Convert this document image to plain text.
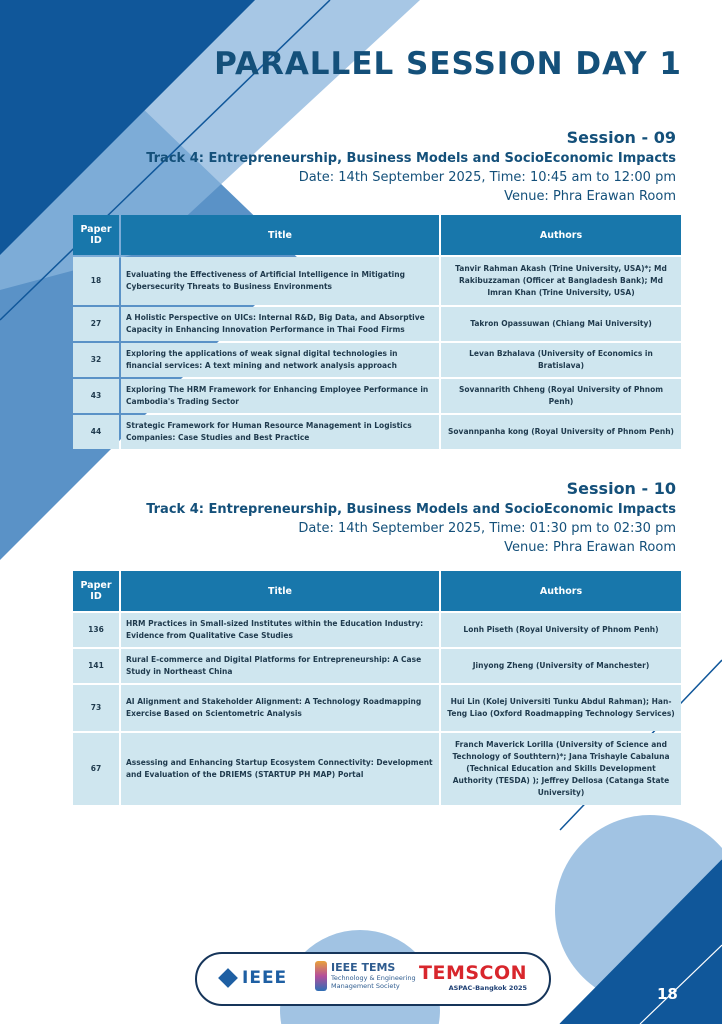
PARALLEL SESSION DAY 1
Session - 09
Track 4: Entrepreneurship, Business Models and SocioEconomic Impacts
Date: 14th September 2025, Time: 10:45 am to 12:00 pm
Venue: Phra Erawan Room
Paper ID	Title	Authors
18	Evaluating the Effectiveness of Artificial Intelligence in Mitigating Cybersecurity Threats to Business Environments	Tanvir Rahman Akash (Trine University, USA)*; Md Rakibuzzaman (Officer at Bangladesh Bank); Md Imran Khan (Trine University, USA)
27	A Holistic Perspective on UICs: Internal R&D, Big Data, and Absorptive Capacity in Enhancing Innovation Performance in Thai Food Firms	Takron Opassuwan (Chiang Mai University)
32	Exploring the applications of weak signal digital technologies in financial services: A text mining and network analysis approach	Levan Bzhalava (University of Economics in Bratislava)
43	Exploring The HRM Framework for Enhancing Employee Performance in Cambodia's Trading Sector	Sovannarith Chheng (Royal University of Phnom Penh)
44	Strategic Framework for Human Resource Management in Logistics Companies: Case Studies and Best Practice	Sovannpanha kong (Royal University of Phnom Penh)
Session - 10
Track 4: Entrepreneurship, Business Models and SocioEconomic Impacts
Date: 14th September 2025, Time: 01:30 pm to 02:30 pm
Venue: Phra Erawan Room
Paper ID	Title	Authors
136	HRM Practices in Small-sized Institutes within the Education Industry: Evidence from Qualitative Case Studies	Lonh Piseth (Royal University of Phnom Penh)
141	Rural E-commerce and Digital Platforms for Entrepreneurship: A Case Study in Northeast China	Jinyong Zheng (University of Manchester)
73	AI Alignment and Stakeholder Alignment: A Technology Roadmapping Exercise Based on Scientometric Analysis	Hui Lin (Kolej Universiti Tunku Abdul Rahman); Han-Teng Liao (Oxford Roadmapping Technology Services)
67	Assessing and Enhancing Startup Ecosystem Connectivity: Development and Evaluation of the DRIEMS (STARTUP PH MAP) Portal	Franch Maverick Lorilla (University of Science and Technology of Southtern)*; Jana Trishayle Cabaluna (Technical Education and Skills Development Authority (TESDA) ); Jeffrey Dellosa (Catanga State University)
IEEE
IEEE TEMS
Technology & Engineering Management Society
TEMSCON
ASPAC-Bangkok 2025	18
